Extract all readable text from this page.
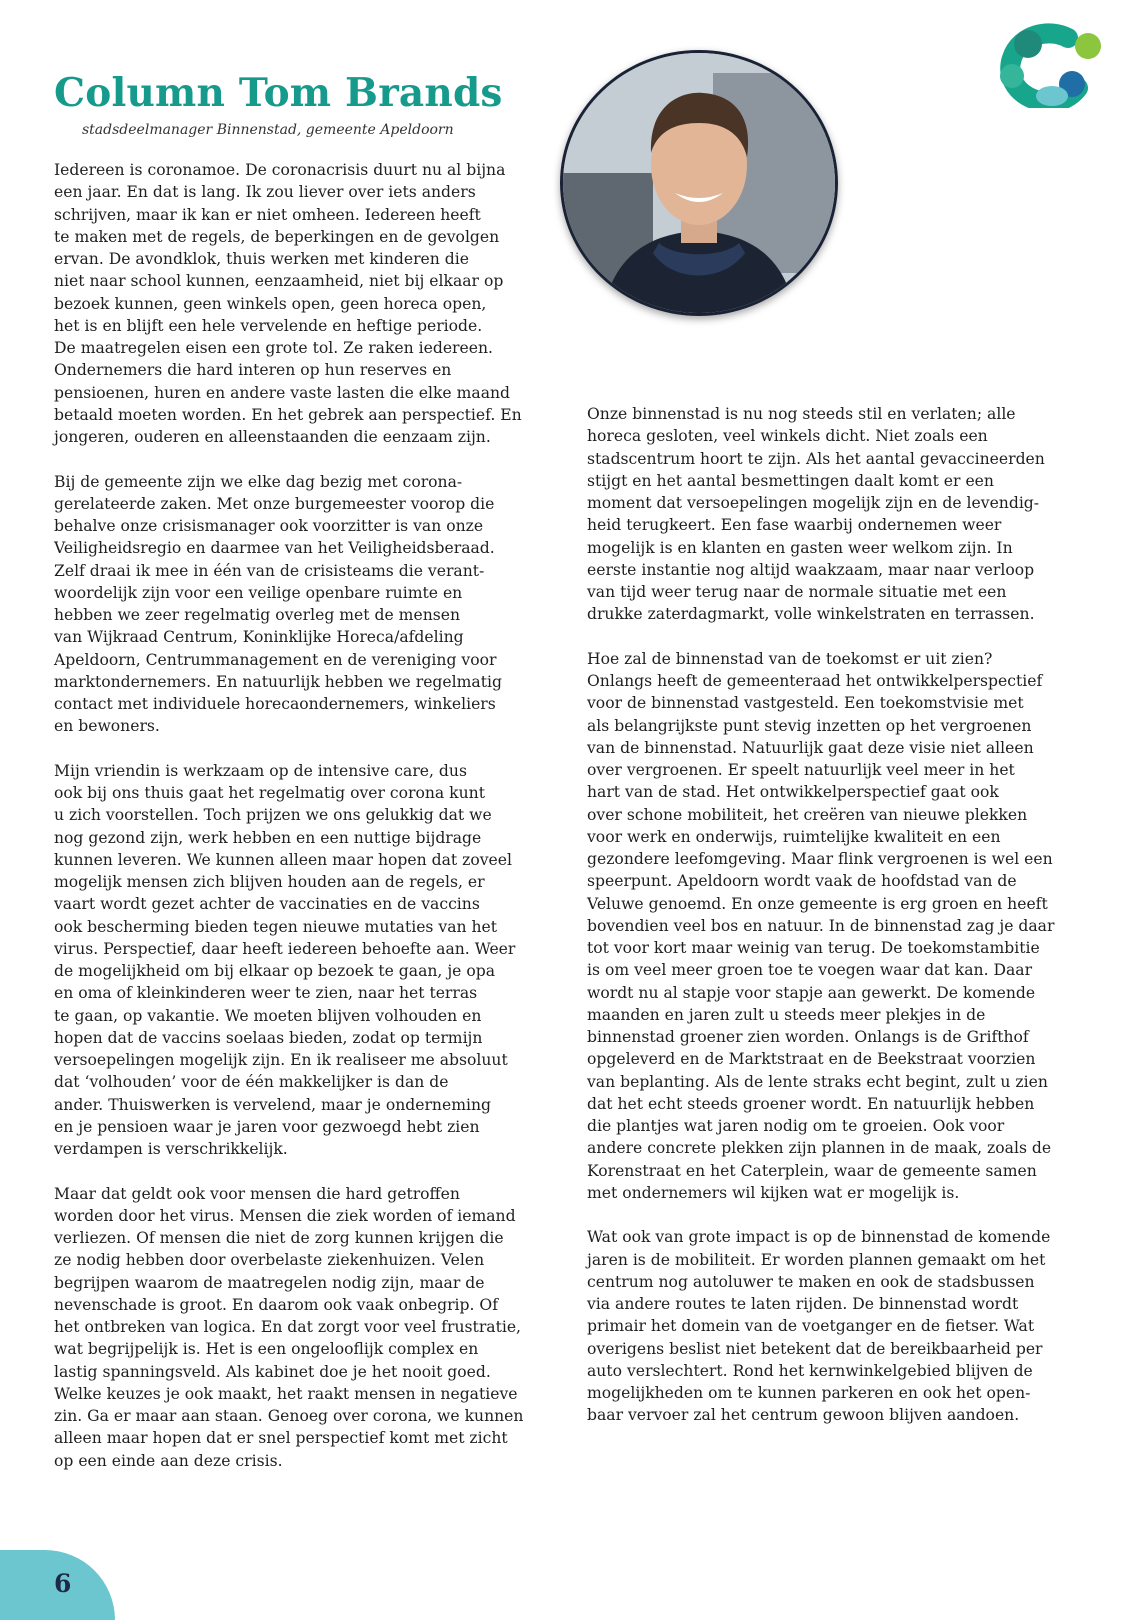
Column Tom Brands

stadsdeelmanager Binnenstad, gemeente Apeldoorn

Iedereen is coronamoe. De coronacrisis duurt nu al bijna
een jaar. En dat is lang. Ik zou liever over iets anders
schrijven, maar ik kan er niet omheen. Iedereen heeft
te maken met de regels, de beperkingen en de gevolgen
ervan. De avondklok, thuis werken met kinderen die
niet naar school kunnen, eenzaamheid, niet bij elkaar op
bezoek kunnen, geen winkels open, geen horeca open,
het is en blijft een hele vervelende en heftige periode.
De maatregelen eisen een grote tol. Ze raken iedereen.
Ondernemers die hard interen op hun reserves en
pensioenen, huren en andere vaste lasten die elke maand
betaald moeten worden. En het gebrek aan perspectief. En
jongeren, ouderen en alleenstaanden die eenzaam zijn.
Bij de gemeente zijn we elke dag bezig met corona-
gerelateerde zaken. Met onze burgemeester voorop die
behalve onze crisismanager ook voorzitter is van onze
Veiligheidsregio en daarmee van het Veiligheidsberaad.
Zelf draai ik mee in één van de crisisteams die verant-
woordelijk zijn voor een veilige openbare ruimte en
hebben we zeer regelmatig overleg met de mensen
van Wijkraad Centrum, Koninklijke Horeca/afdeling
Apeldoorn, Centrummanagement en de vereniging voor
marktondernemers. En natuurlijk hebben we regelmatig
contact met individuele horecaondernemers, winkeliers
en bewoners.
Mijn vriendin is werkzaam op de intensive care, dus
ook bij ons thuis gaat het regelmatig over corona kunt
u zich voorstellen. Toch prijzen we ons gelukkig dat we
nog gezond zijn, werk hebben en een nuttige bijdrage
kunnen leveren. We kunnen alleen maar hopen dat zoveel
mogelijk mensen zich blijven houden aan de regels, er
vaart wordt gezet achter de vaccinaties en de vaccins
ook bescherming bieden tegen nieuwe mutaties van het
virus. Perspectief, daar heeft iedereen behoefte aan. Weer
de mogelijkheid om bij elkaar op bezoek te gaan, je opa
en oma of kleinkinderen weer te zien, naar het terras
te gaan, op vakantie. We moeten blijven volhouden en
hopen dat de vaccins soelaas bieden, zodat op termijn
versoepelingen mogelijk zijn. En ik realiseer me absoluut
dat ‘volhouden’ voor de één makkelijker is dan de
ander. Thuiswerken is vervelend, maar je onderneming
en je pensioen waar je jaren voor gezwoegd hebt zien
verdampen is verschrikkelijk.
Maar dat geldt ook voor mensen die hard getroffen
worden door het virus. Mensen die ziek worden of iemand
verliezen. Of mensen die niet de zorg kunnen krijgen die
ze nodig hebben door overbelaste ziekenhuizen. Velen
begrijpen waarom de maatregelen nodig zijn, maar de
nevenschade is groot. En daarom ook vaak onbegrip. Of
het ontbreken van logica. En dat zorgt voor veel frustratie,
wat begrijpelijk is. Het is een ongelooflijk complex en
lastig spanningsveld. Als kabinet doe je het nooit goed.
Welke keuzes je ook maakt, het raakt mensen in negatieve
zin. Ga er maar aan staan. Genoeg over corona, we kunnen
alleen maar hopen dat er snel perspectief komt met zicht
op een einde aan deze crisis.
Onze binnenstad is nu nog steeds stil en verlaten; alle
horeca gesloten, veel winkels dicht. Niet zoals een
stadscentrum hoort te zijn. Als het aantal gevaccineerden
stijgt en het aantal besmettingen daalt komt er een
moment dat versoepelingen mogelijk zijn en de levendig-
heid terugkeert. Een fase waarbij ondernemen weer
mogelijk is en klanten en gasten weer welkom zijn. In
eerste instantie nog altijd waakzaam, maar naar verloop
van tijd weer terug naar de normale situatie met een
drukke zaterdagmarkt, volle winkelstraten en terrassen.
Hoe zal de binnenstad van de toekomst er uit zien?
Onlangs heeft de gemeenteraad het ontwikkelperspectief
voor de binnenstad vastgesteld. Een toekomstvisie met
als belangrijkste punt stevig inzetten op het vergroenen
van de binnenstad. Natuurlijk gaat deze visie niet alleen
over vergroenen. Er speelt natuurlijk veel meer in het
hart van de stad. Het ontwikkelperspectief gaat ook
over schone mobiliteit, het creëren van nieuwe plekken
voor werk en onderwijs, ruimtelijke kwaliteit en een
gezondere leefomgeving. Maar flink vergroenen is wel een
speerpunt. Apeldoorn wordt vaak de hoofdstad van de
Veluwe genoemd. En onze gemeente is erg groen en heeft
bovendien veel bos en natuur. In de binnenstad zag je daar
tot voor kort maar weinig van terug. De toekomstambitie
is om veel meer groen toe te voegen waar dat kan. Daar
wordt nu al stapje voor stapje aan gewerkt. De komende
maanden en jaren zult u steeds meer plekjes in de
binnenstad groener zien worden. Onlangs is de Grifthof
opgeleverd en de Marktstraat en de Beekstraat voorzien
van beplanting. Als de lente straks echt begint, zult u zien
dat het echt steeds groener wordt. En natuurlijk hebben
die plantjes wat jaren nodig om te groeien. Ook voor
andere concrete plekken zijn plannen in de maak, zoals de
Korenstraat en het Caterplein, waar de gemeente samen
met ondernemers wil kijken wat er mogelijk is.
Wat ook van grote impact is op de binnenstad de komende
jaren is de mobiliteit. Er worden plannen gemaakt om het
centrum nog autoluwer te maken en ook de stadsbussen
via andere routes te laten rijden. De binnenstad wordt
primair het domein van de voetganger en de fietser. Wat
overigens beslist niet betekent dat de bereikbaarheid per
auto verslechtert. Rond het kernwinkelgebied blijven de
mogelijkheden om te kunnen parkeren en ook het open-
baar vervoer zal het centrum gewoon blijven aandoen.
6
